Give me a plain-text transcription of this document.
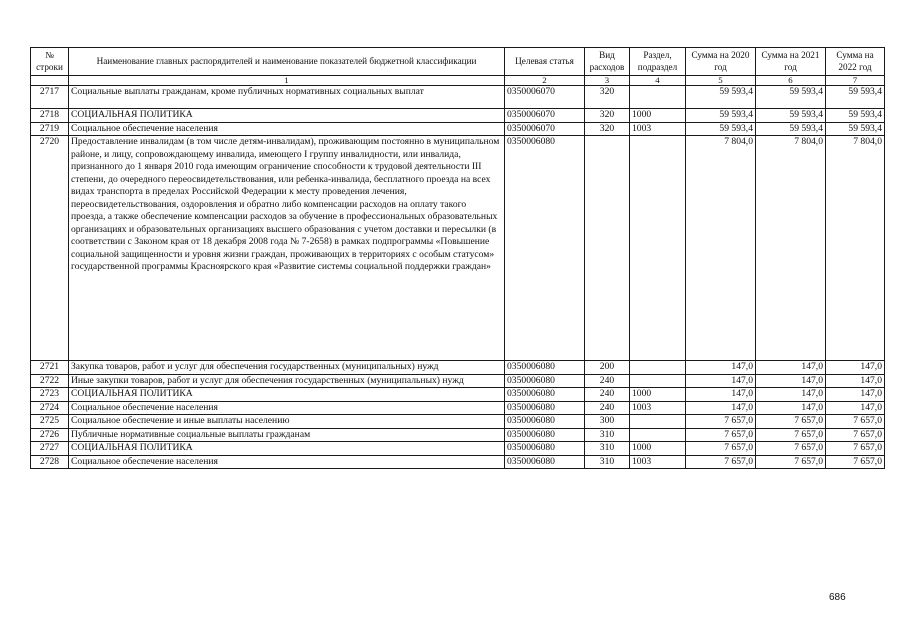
№ строки	Наименование главных распорядителей и наименование показателей бюджетной классификации	Целевая статья	Вид расходов	Раздел, подраздел	Сумма на 2020 год	Сумма на 2021 год	Сумма на 2022 год
	1	2	3	4	5	6	7
2717	Социальные выплаты гражданам, кроме публичных нормативных социальных выплат	0350006070	320		59 593,4	59 593,4	59 593,4
2718	СОЦИАЛЬНАЯ ПОЛИТИКА	0350006070	320	1000	59 593,4	59 593,4	59 593,4
2719	Социальное обеспечение населения	0350006070	320	1003	59 593,4	59 593,4	59 593,4
2720	Предоставление инвалидам (в том числе детям-инвалидам), проживающим постоянно в муниципальном районе, и лицу, сопровождающему инвалида, имеющего I группу инвалидности, или инвалида, признанного до 1 января 2010 года имеющим ограничение способности к трудовой деятельности III степени, до очередного переосвидетельствования, или ребенка-инвалида, бесплатного проезда на всех видах транспорта в пределах Российской Федерации к месту проведения лечения, переосвидетельствования, оздоровления и обратно либо компенсации расходов на оплату такого проезда, а также обеспечение компенсации расходов за обучение в профессиональных образовательных организациях и образовательных организациях высшего образования с учетом доставки и пересылки (в соответствии с Законом края от 18 декабря 2008 года № 7-2658) в рамках подпрограммы «Повышение социальной защищенности и уровня жизни граждан, проживающих в территориях с особым статусом» государственной программы Красноярского края «Развитие системы социальной поддержки граждан»	0350006080			7 804,0	7 804,0	7 804,0
2721	Закупка товаров, работ и услуг для обеспечения государственных (муниципальных) нужд	0350006080	200		147,0	147,0	147,0
2722	Иные закупки товаров, работ и услуг для обеспечения государственных (муниципальных) нужд	0350006080	240		147,0	147,0	147,0
2723	СОЦИАЛЬНАЯ ПОЛИТИКА	0350006080	240	1000	147,0	147,0	147,0
2724	Социальное обеспечение населения	0350006080	240	1003	147,0	147,0	147,0
2725	Социальное обеспечение и иные выплаты населению	0350006080	300		7 657,0	7 657,0	7 657,0
2726	Публичные нормативные социальные выплаты гражданам	0350006080	310		7 657,0	7 657,0	7 657,0
2727	СОЦИАЛЬНАЯ ПОЛИТИКА	0350006080	310	1000	7 657,0	7 657,0	7 657,0
2728	Социальное обеспечение населения	0350006080	310	1003	7 657,0	7 657,0	7 657,0
686
